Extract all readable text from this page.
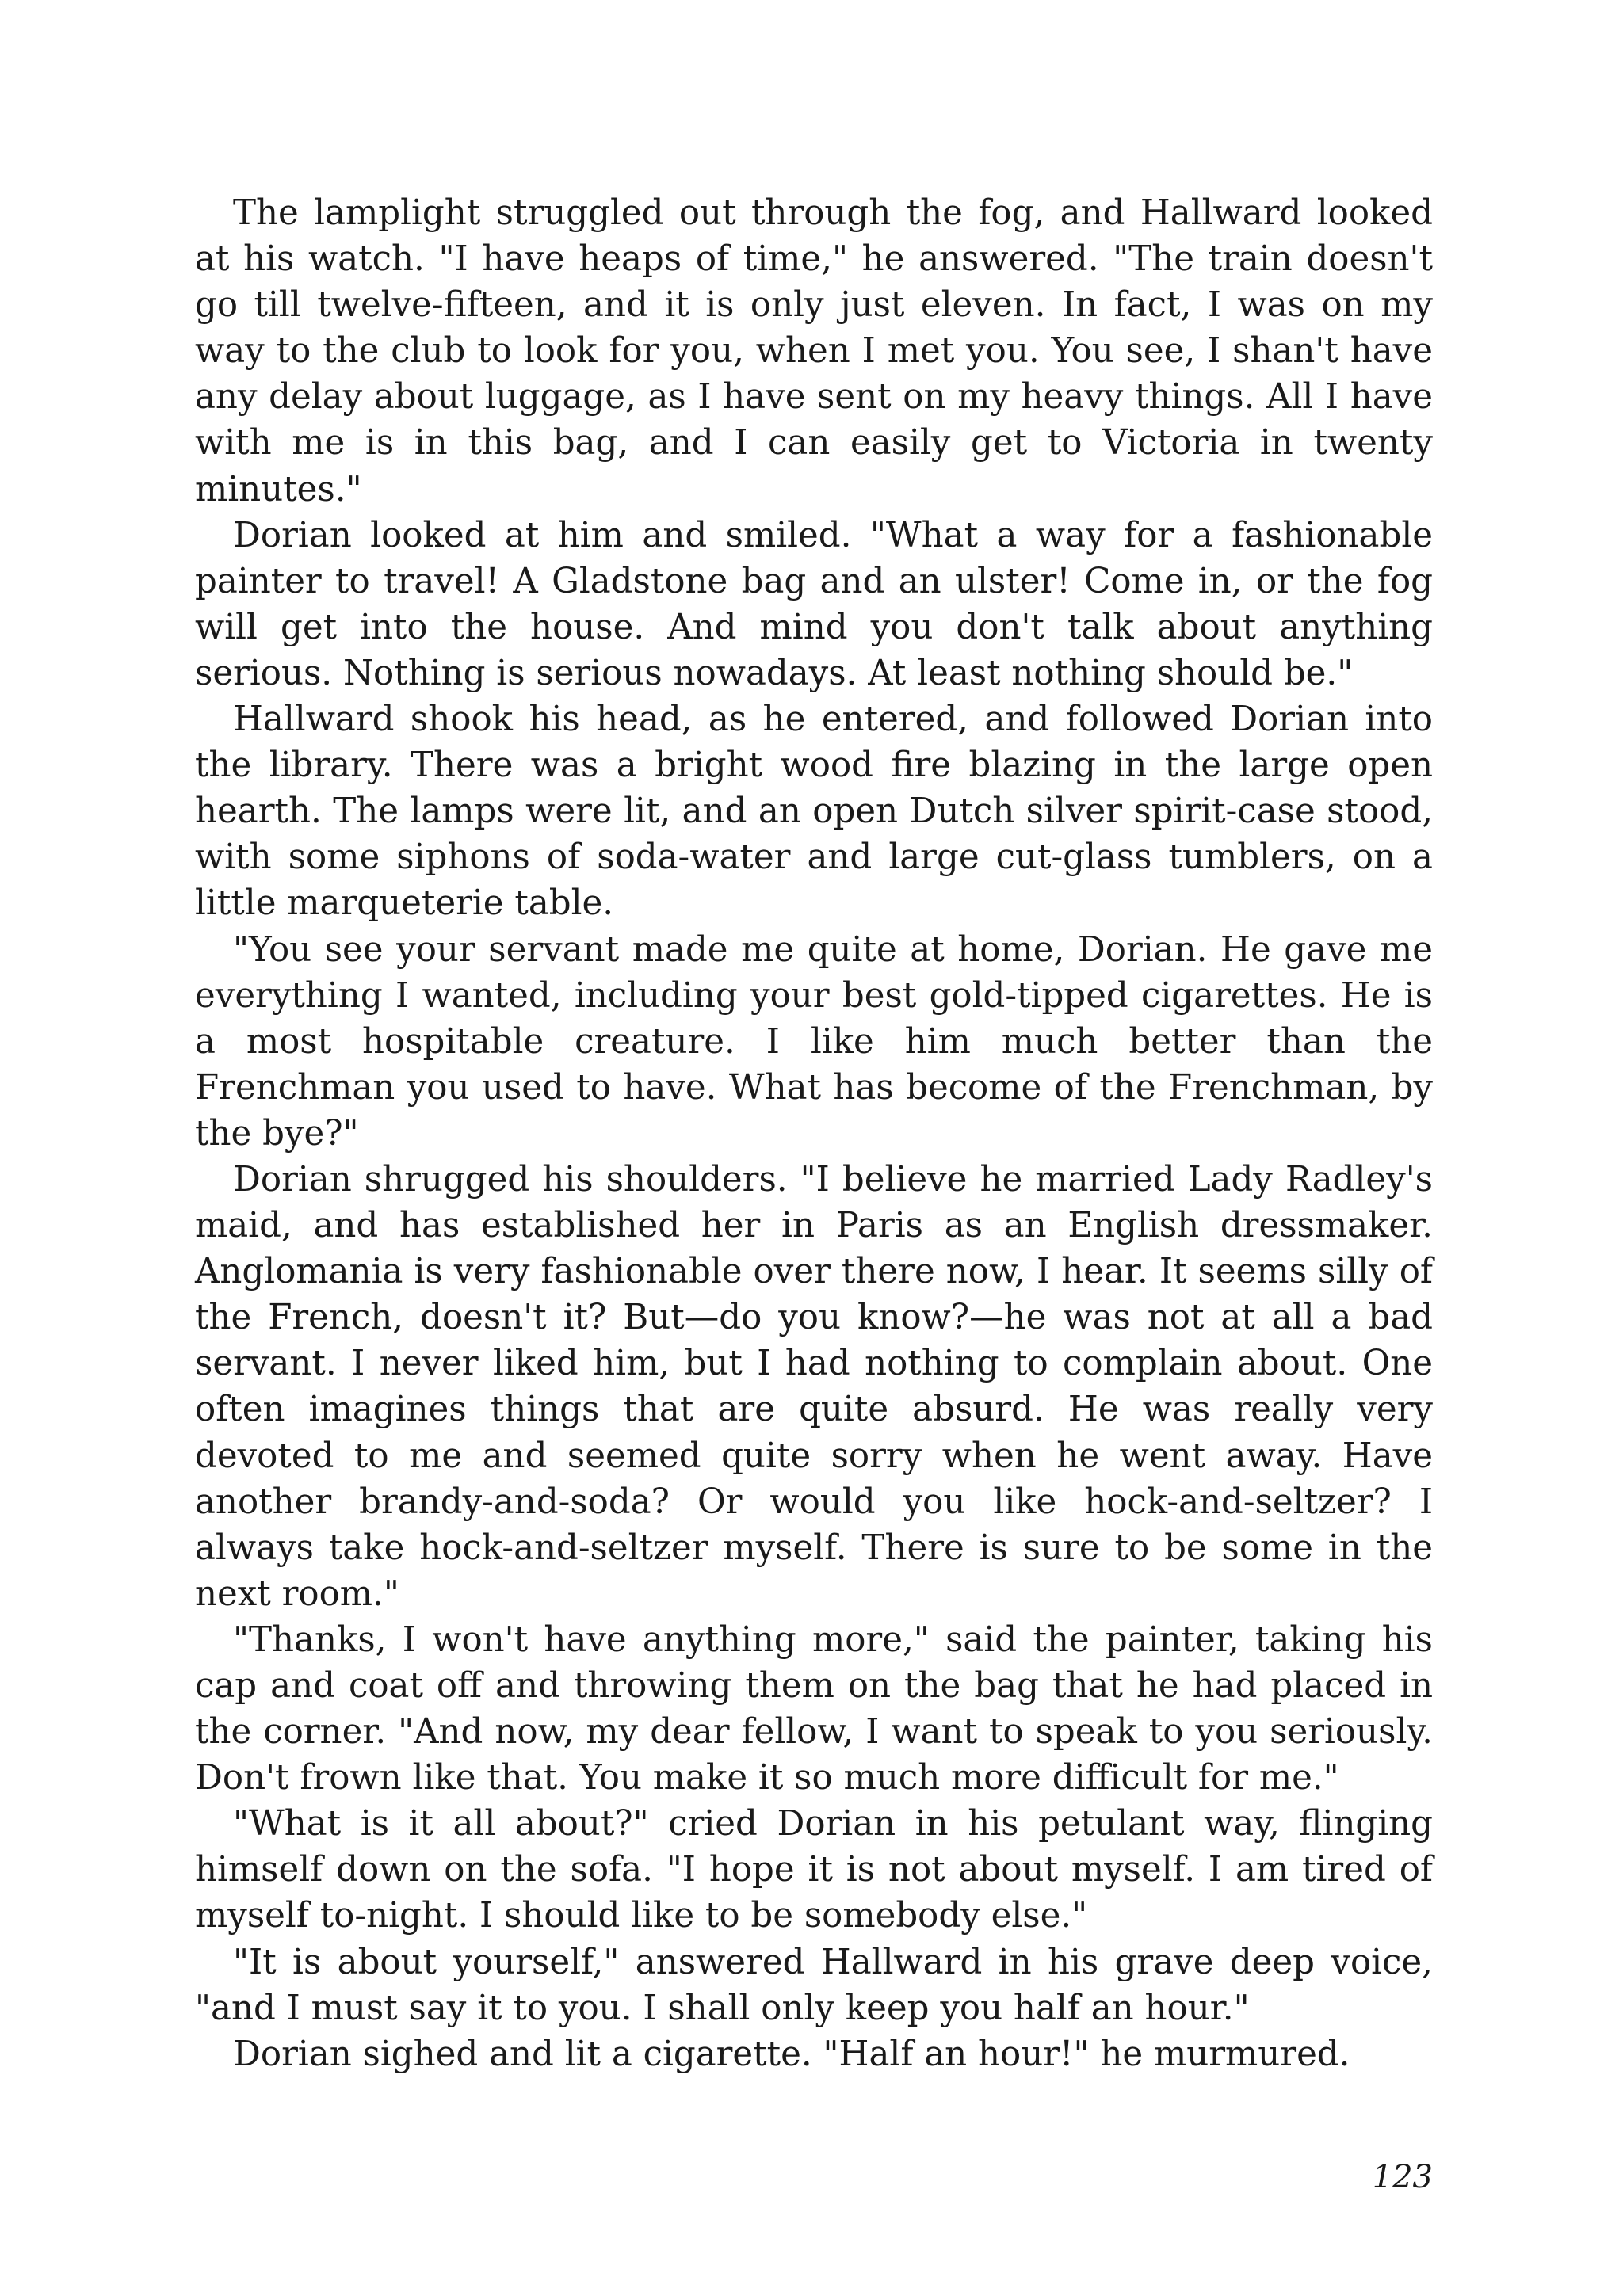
The lamplight struggled out through the fog, and Hallward looked at his watch. "I have heaps of time," he answered. "The train doesn't go till twelve-fifteen, and it is only just eleven. In fact, I was on my way to the club to look for you, when I met you. You see, I shan't have any delay about luggage, as I have sent on my heavy things. All I have with me is in this bag, and I can easily get to Victoria in twenty minutes."

Dorian looked at him and smiled. "What a way for a fashionable painter to travel! A Gladstone bag and an ulster! Come in, or the fog will get into the house. And mind you don't talk about anything serious. Nothing is serious nowadays. At least nothing should be."

Hallward shook his head, as he entered, and followed Dorian into the library. There was a bright wood fire blazing in the large open hearth. The lamps were lit, and an open Dutch silver spirit-case stood, with some siphons of soda-water and large cut-glass tumblers, on a little marqueterie table.

"You see your servant made me quite at home, Dorian. He gave me everything I wanted, including your best gold-tipped cigarettes. He is a most hospitable creature. I like him much better than the Frenchman you used to have. What has become of the Frenchman, by the bye?"

Dorian shrugged his shoulders. "I believe he married Lady Radley's maid, and has established her in Paris as an English dressmaker. Anglomania is very fashionable over there now, I hear. It seems silly of the French, doesn't it? But—do you know?—he was not at all a bad servant. I never liked him, but I had nothing to complain about. One often imagines things that are quite absurd. He was really very devoted to me and seemed quite sorry when he went away. Have another brandy-and-soda? Or would you like hock-and-seltzer? I always take hock-and-seltzer myself. There is sure to be some in the next room."

"Thanks, I won't have anything more," said the painter, taking his cap and coat off and throwing them on the bag that he had placed in the corner. "And now, my dear fellow, I want to speak to you seriously. Don't frown like that. You make it so much more difficult for me."

"What is it all about?" cried Dorian in his petulant way, flinging himself down on the sofa. "I hope it is not about myself. I am tired of myself to-night. I should like to be somebody else."

"It is about yourself," answered Hallward in his grave deep voice, "and I must say it to you. I shall only keep you half an hour."

Dorian sighed and lit a cigarette. "Half an hour!" he murmured.

123
